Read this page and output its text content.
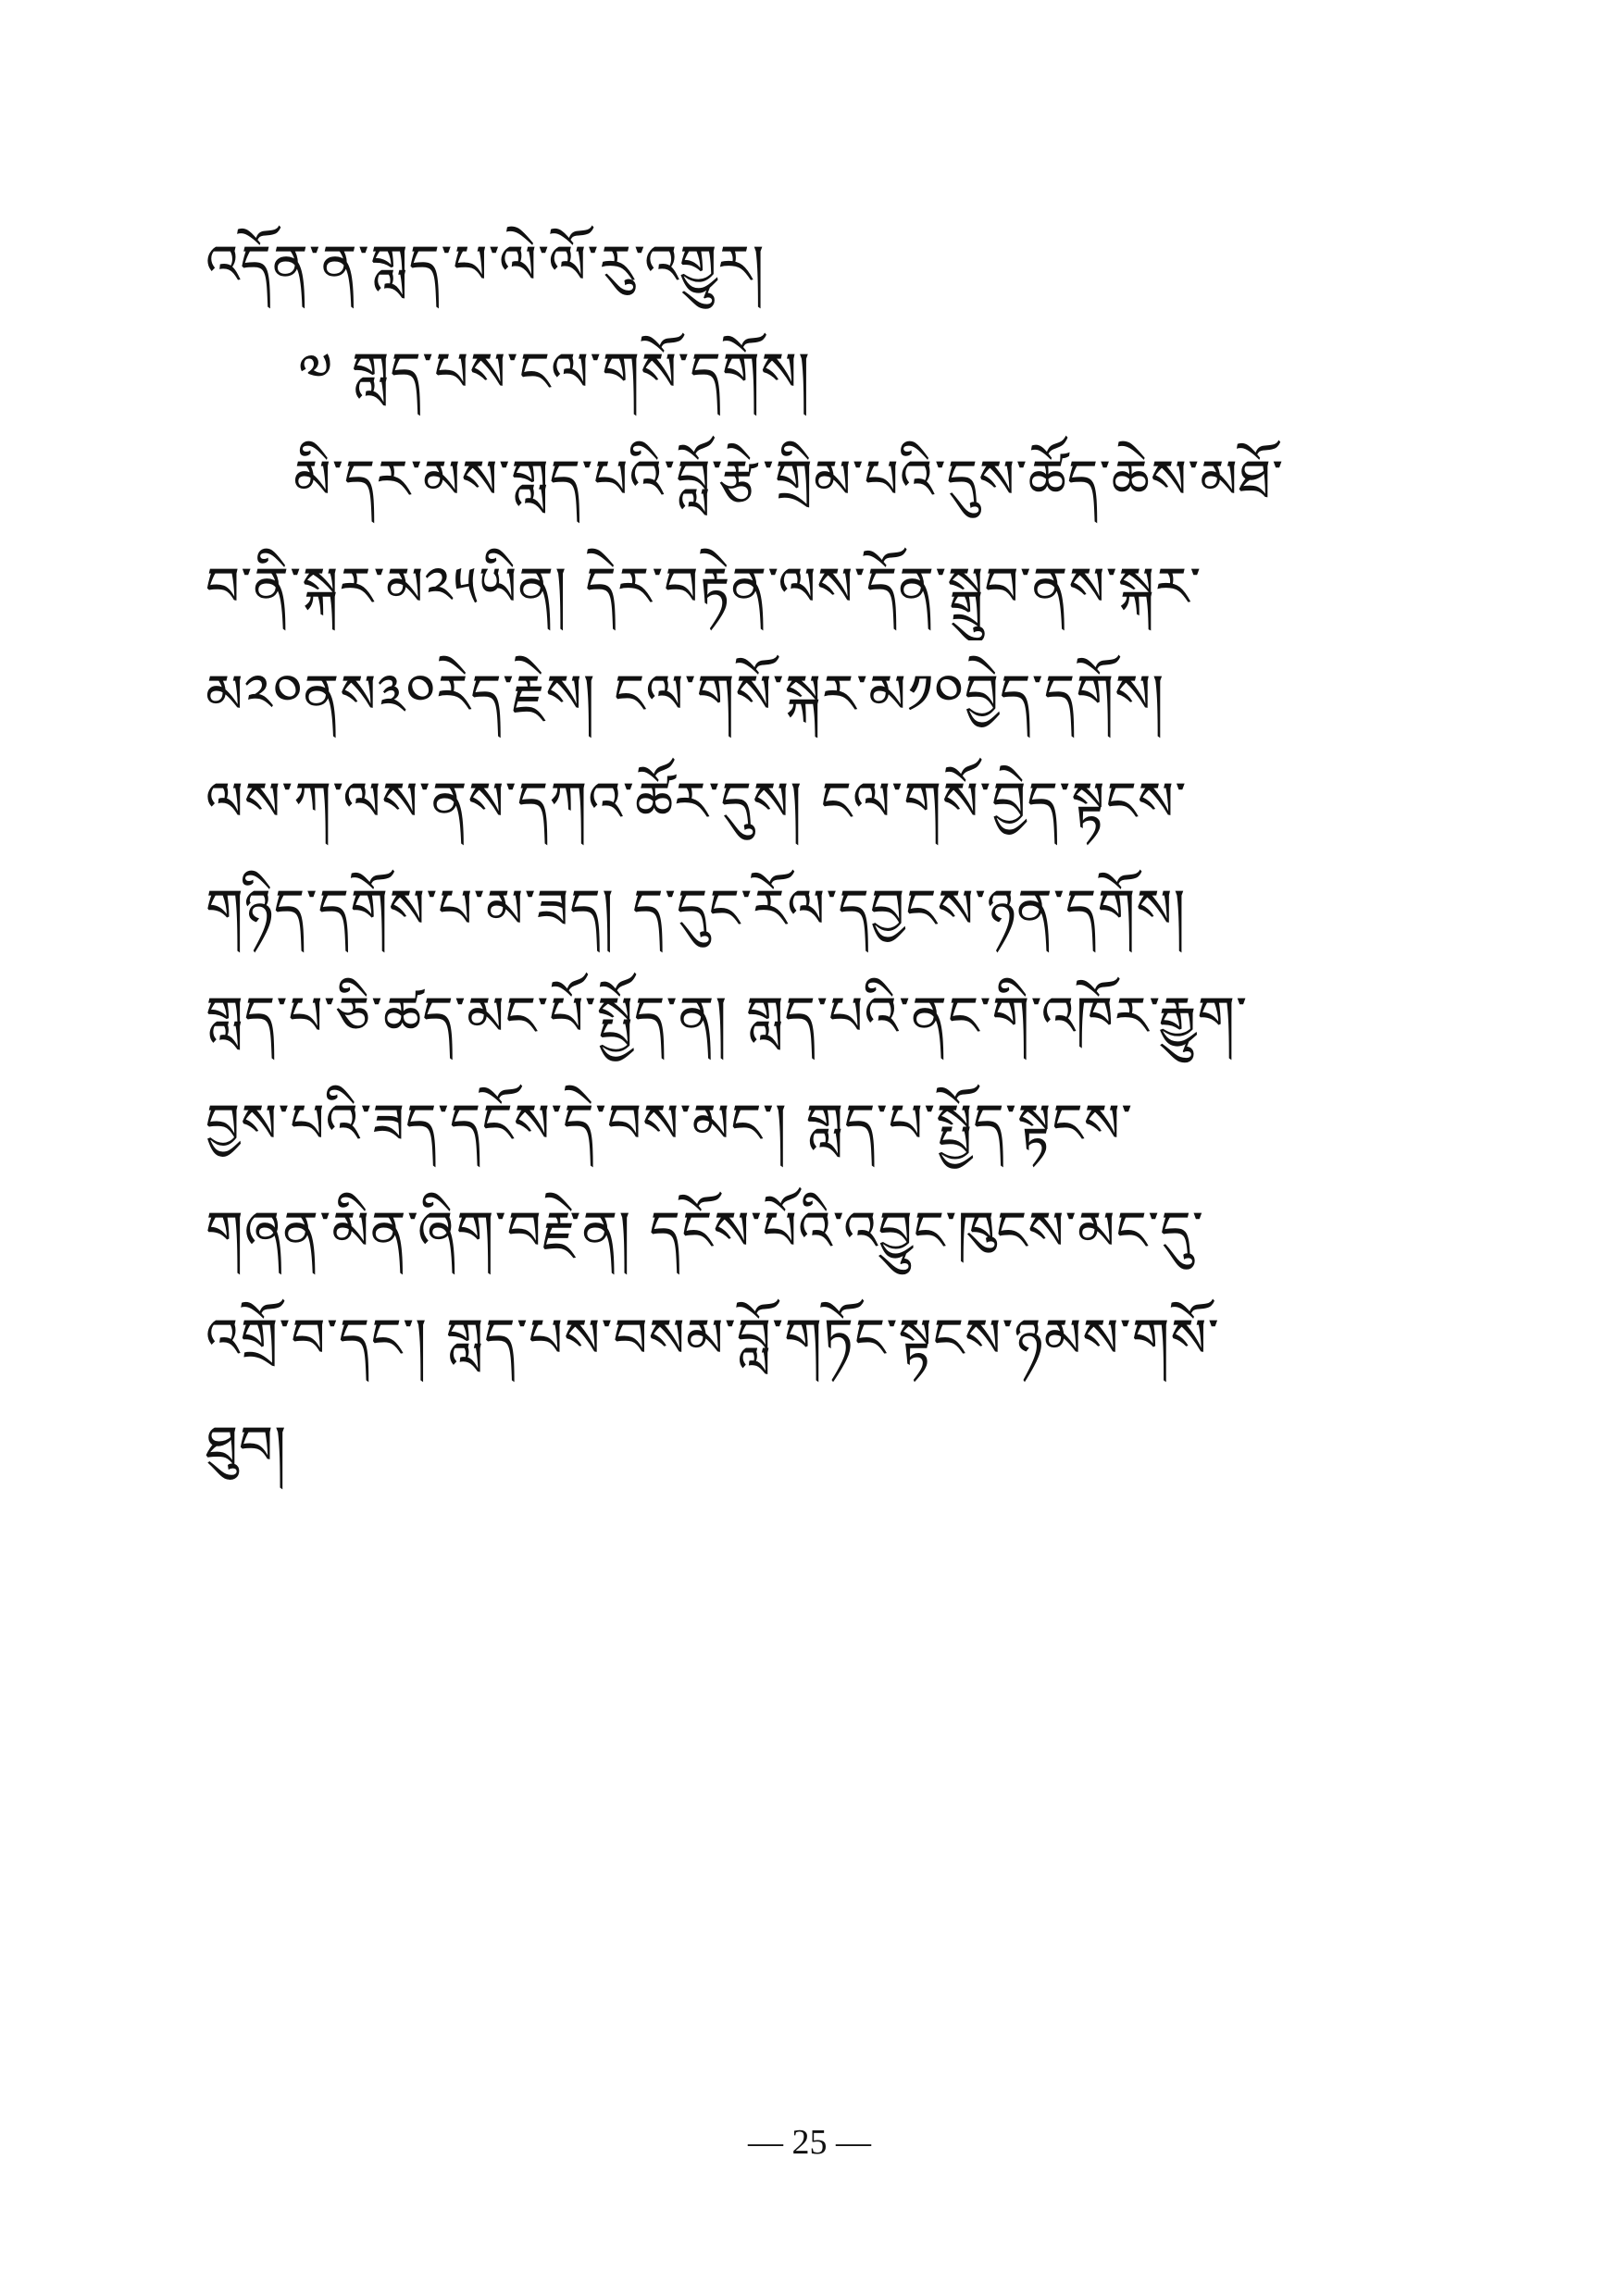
འདོན་ན་གླད་པ་ལེ་ལོ་རུ་འགྱུར།
༧ གླད་པས་ངལ་གསོ་དགོས།
མི་དར་མས་གླད་པའི་བློ་རྩེ་གྲིམ་པའི་དུས་ཚོད་ཆེས་མཐོ་
བ་ནི་སྐར་མ༢༥ཡིན། དེར་བརྟེན་ལས་དོན་སྒྲུབ་ནས་སྐར་
མ༢༠ནས༣༠རེད་རྗེས། ངལ་གསོ་སྐར་མ༡༠བྱེད་དགོས།
ལས་ཀ་ལས་ནས་དཀའ་ཚོར་དུས། ངལ་གསོ་བྱེད་སྟངས་
གཉིད་དགོས་པ་མ་ཟད། ད་དུང་རོལ་དབྱངས་ཉན་དགོས།
གླད་པ་ཅི་ཚད་མང་པོ་སྤྱོད་ན། གླད་པའི་ནང་གི་འཁོར་རྒྱུག་
བྱས་པའི་ཟད་དངོས་དེ་བས་མང་། གླད་པ་སྤྱོད་སྟངས་
གཞན་མིན་ཞིག་བརྗེ་ན། དངོས་པོའི་འབྱུང་ཁུངས་མང་དུ་
འགྲོ་བ་དང་། གླད་པས་བསམ་བློ་གཏོང་སྟངས་ཉམས་གསོ་
ཐུབ།
— 25 —
